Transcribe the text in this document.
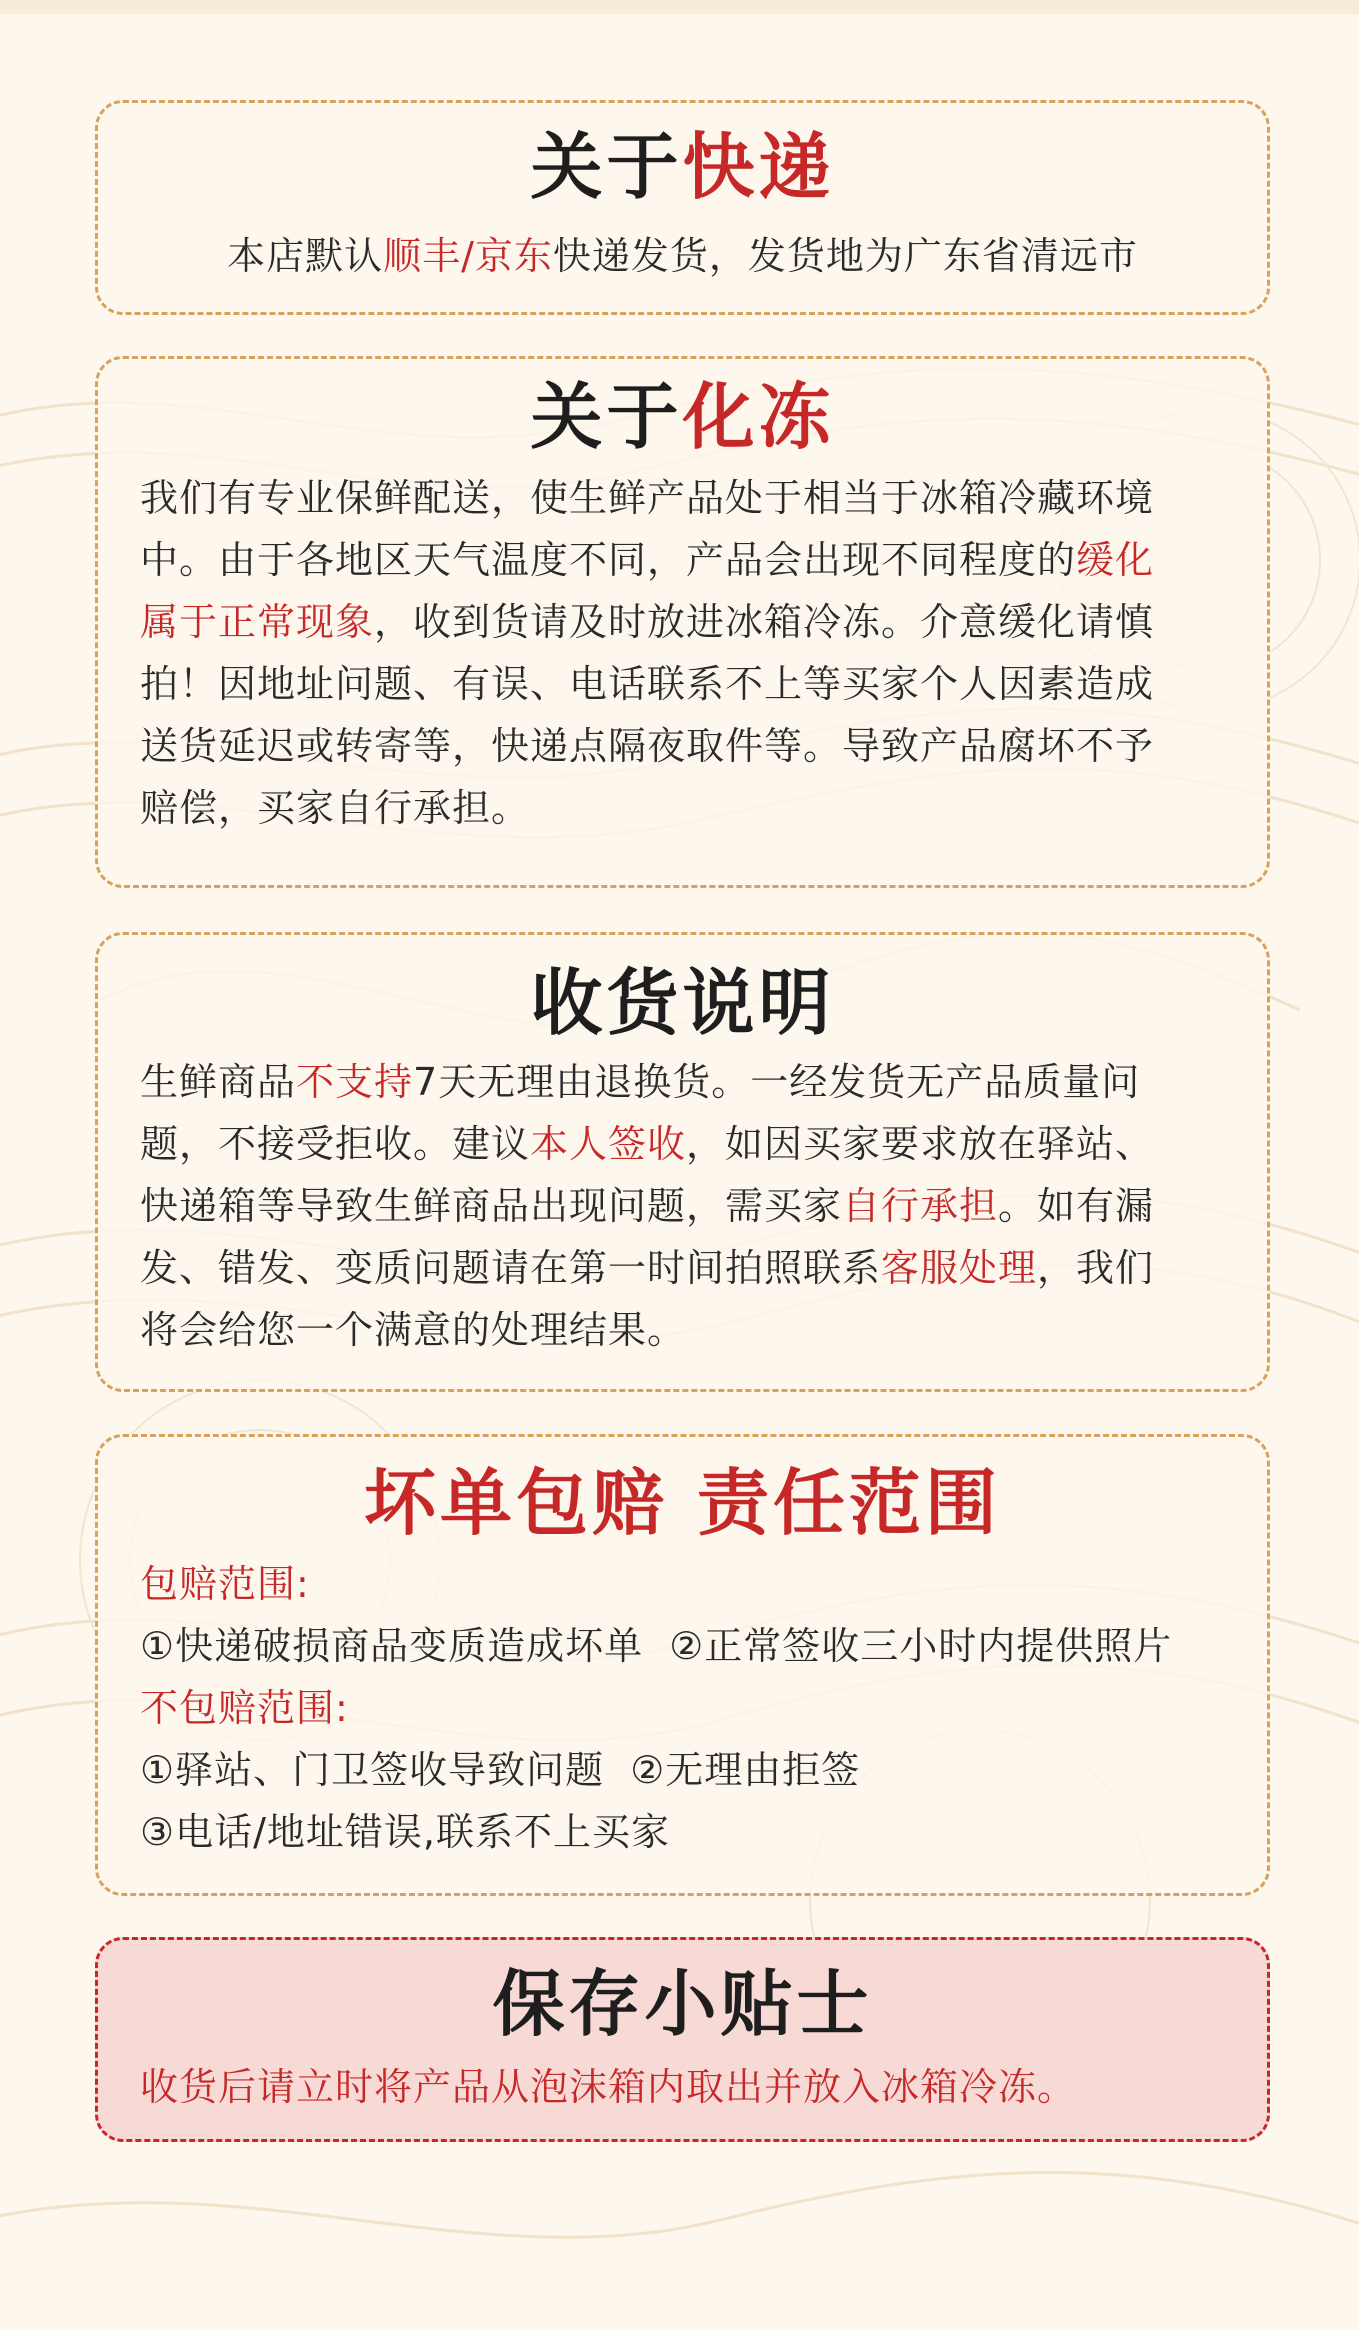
关于快递
本店默认顺丰/京东快递发货，发货地为广东省清远市
关于化冻
我们有专业保鲜配送，使生鲜产品处于相当于冰箱冷藏环境
中。由于各地区天气温度不同，产品会出现不同程度的缓化
属于正常现象，收到货请及时放进冰箱冷冻。介意缓化请慎
拍！因地址问题、有误、电话联系不上等买家个人因素造成
送货延迟或转寄等，快递点隔夜取件等。导致产品腐坏不予
赔偿，买家自行承担。
收货说明
生鲜商品不支持7天无理由退换货。一经发货无产品质量问
题，不接受拒收。建议本人签收，如因买家要求放在驿站、
快递箱等导致生鲜商品出现问题，需买家自行承担。如有漏
发、错发、变质问题请在第一时间拍照联系客服处理，我们
将会给您一个满意的处理结果。
坏单包赔 责任范围
包赔范围:
①快递破损商品变质造成坏单  ②正常签收三小时内提供照片
不包赔范围:
①驿站、门卫签收导致问题  ②无理由拒签
③电话/地址错误,联系不上买家
保存小贴士
收货后请立时将产品从泡沫箱内取出并放入冰箱冷冻。
